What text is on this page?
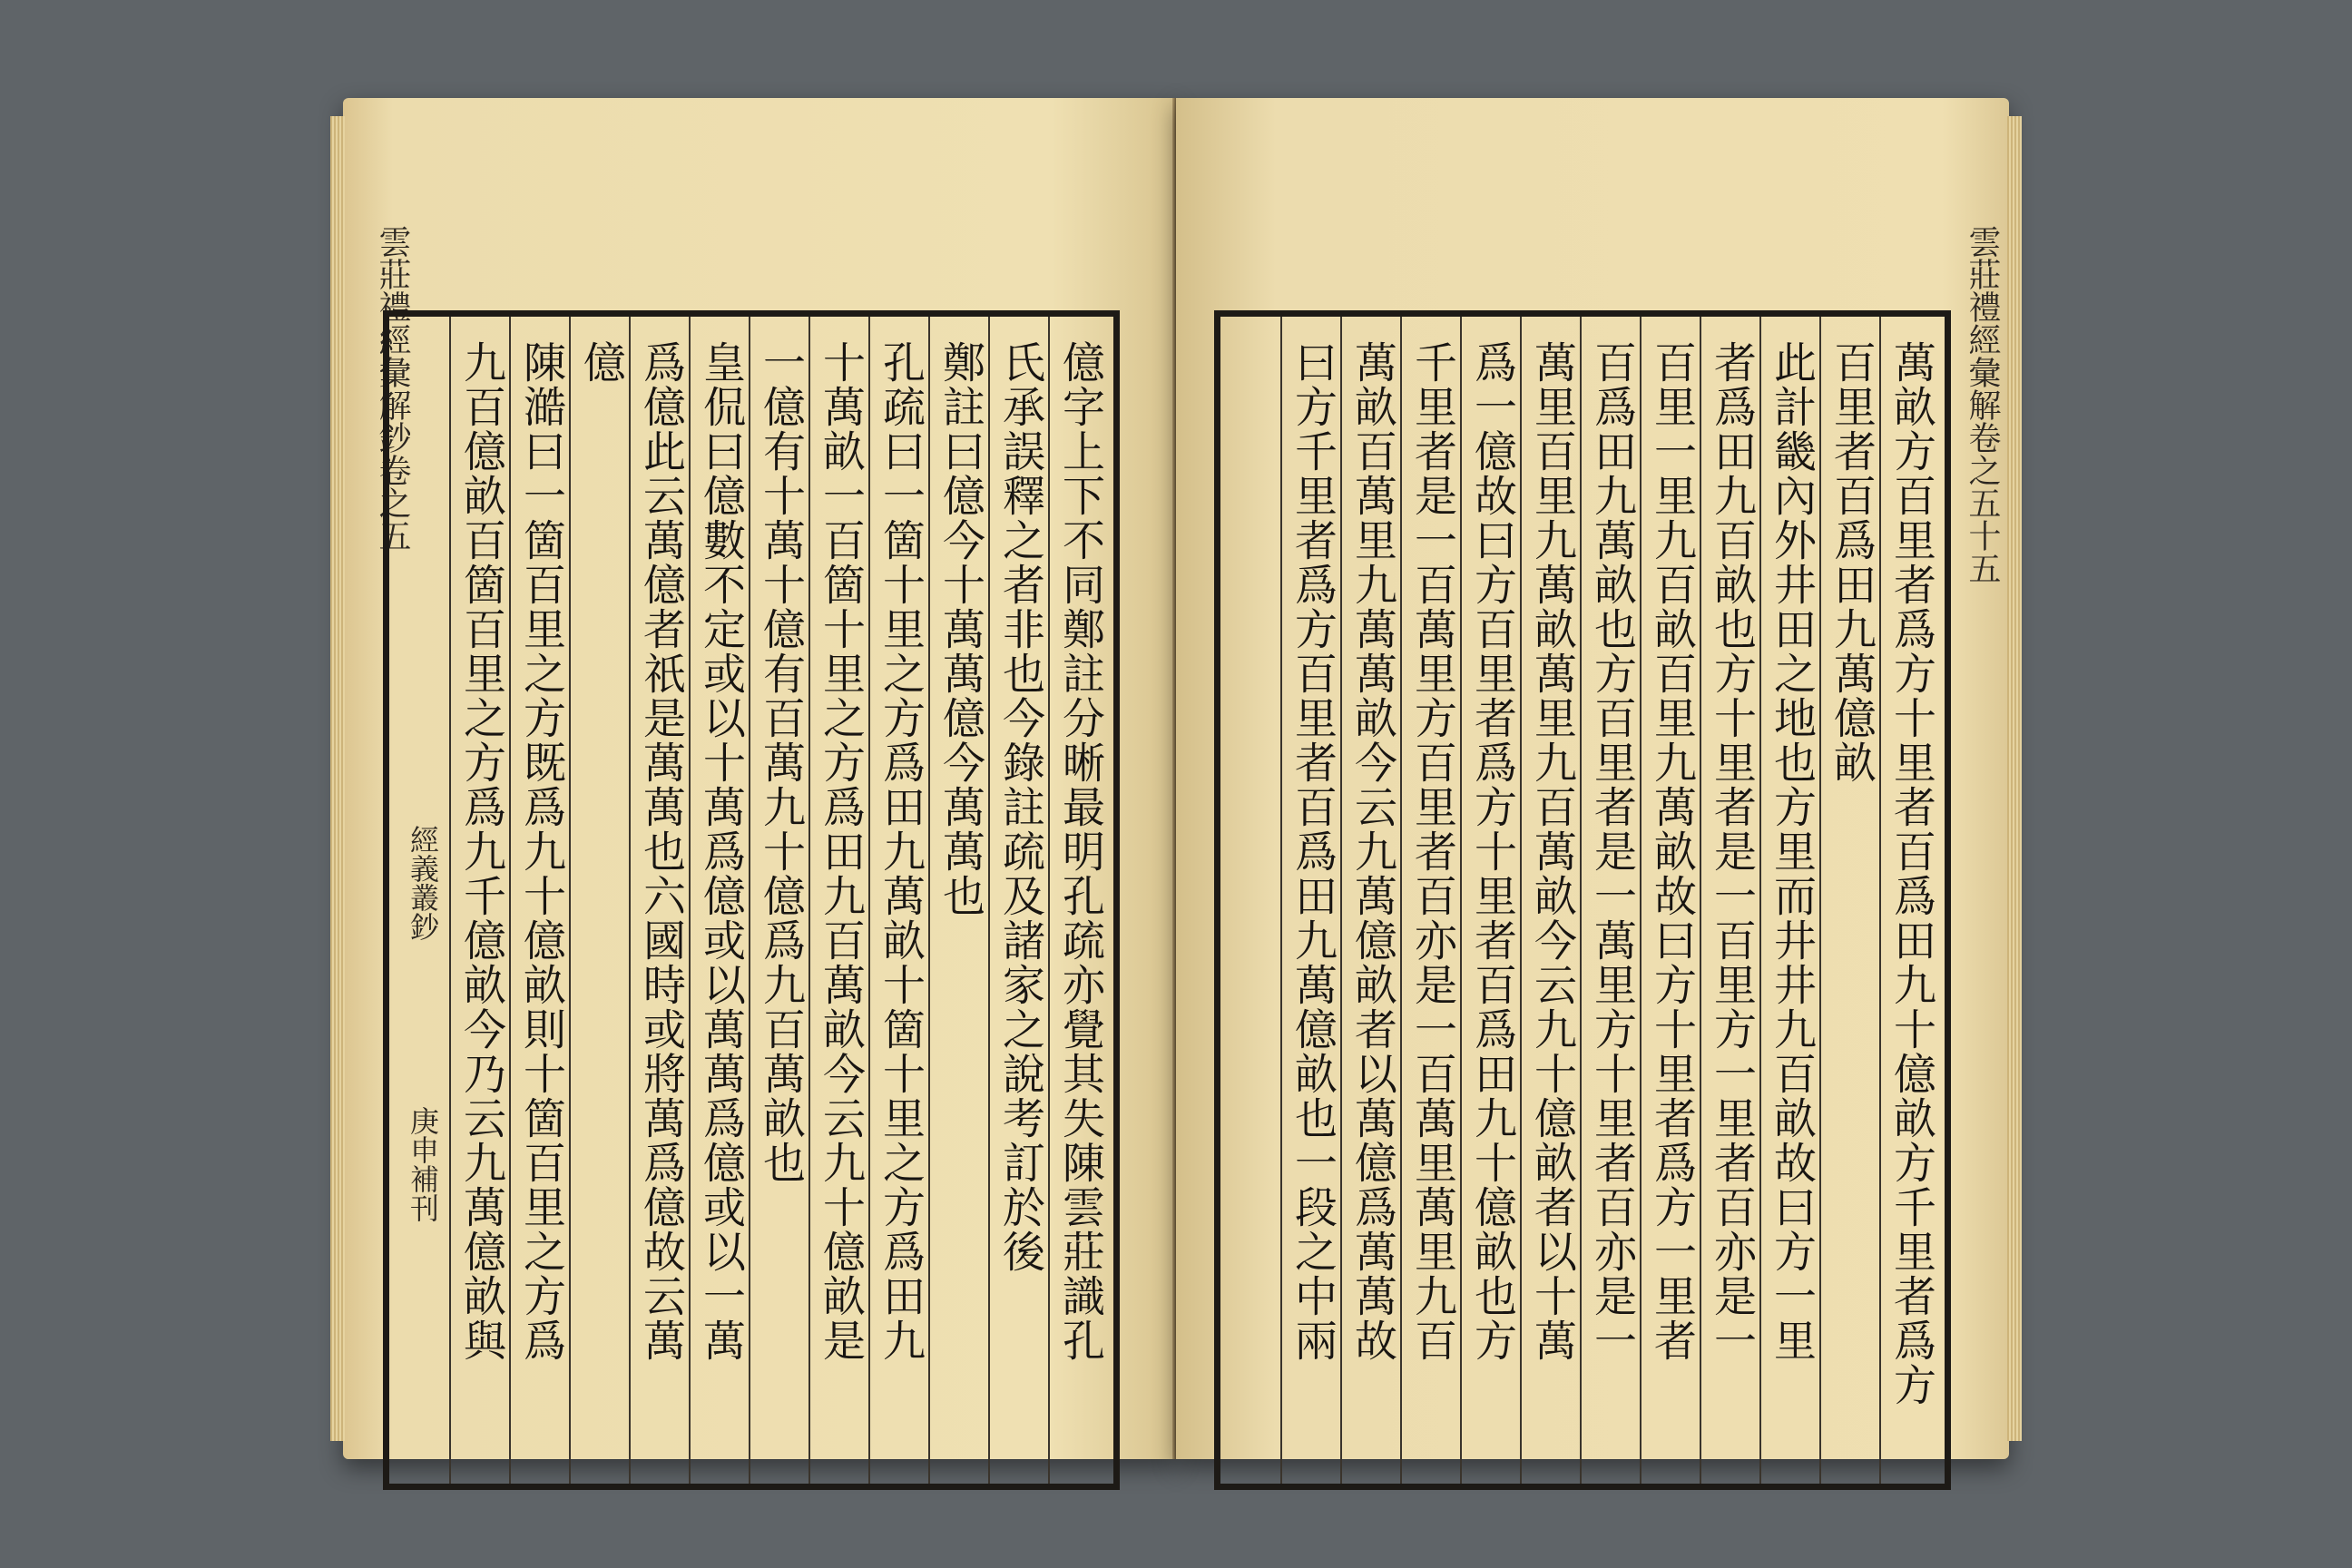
雲莊禮經彙解鈔卷之五	億字上下不同鄭註分晰最明孔疏亦覺其失陳雲莊識孔
氏承誤釋之者非也今錄註疏及諸家之說考訂於後
鄭註曰億今十萬萬億今萬萬也
孔疏曰一箇十里之方爲田九萬畝十箇十里之方爲田九
十萬畝一百箇十里之方爲田九百萬畝今云九十億畝是
一億有十萬十億有百萬九十億爲九百萬畝也
皇侃曰億數不定或以十萬爲億或以萬萬爲億或以一萬
爲億此云萬億者祇是萬萬也六國時或將萬爲億故云萬
億
陳澔曰一箇百里之方既爲九十億畝則十箇百里之方爲
九百億畝百箇百里之方爲九千億畝今乃云九萬億畝與
經義叢鈔
庚申補刊	萬畝方百里者爲方十里者百爲田九十億畝方千里者爲方
百里者百爲田九萬億畝
此計畿內外井田之地也方里而井井九百畝故曰方一里
者爲田九百畝也方十里者是一百里方一里者百亦是一
百里一里九百畝百里九萬畝故曰方十里者爲方一里者
百爲田九萬畝也方百里者是一萬里方十里者百亦是一
萬里百里九萬畝萬里九百萬畝今云九十億畝者以十萬
爲一億故曰方百里者爲方十里者百爲田九十億畝也方
千里者是一百萬里方百里者百亦是一百萬里萬里九百
萬畝百萬里九萬萬畝今云九萬億畝者以萬億爲萬萬故
曰方千里者爲方百里者百爲田九萬億畝也一段之中兩
雲莊禮經彙解卷之五十五
